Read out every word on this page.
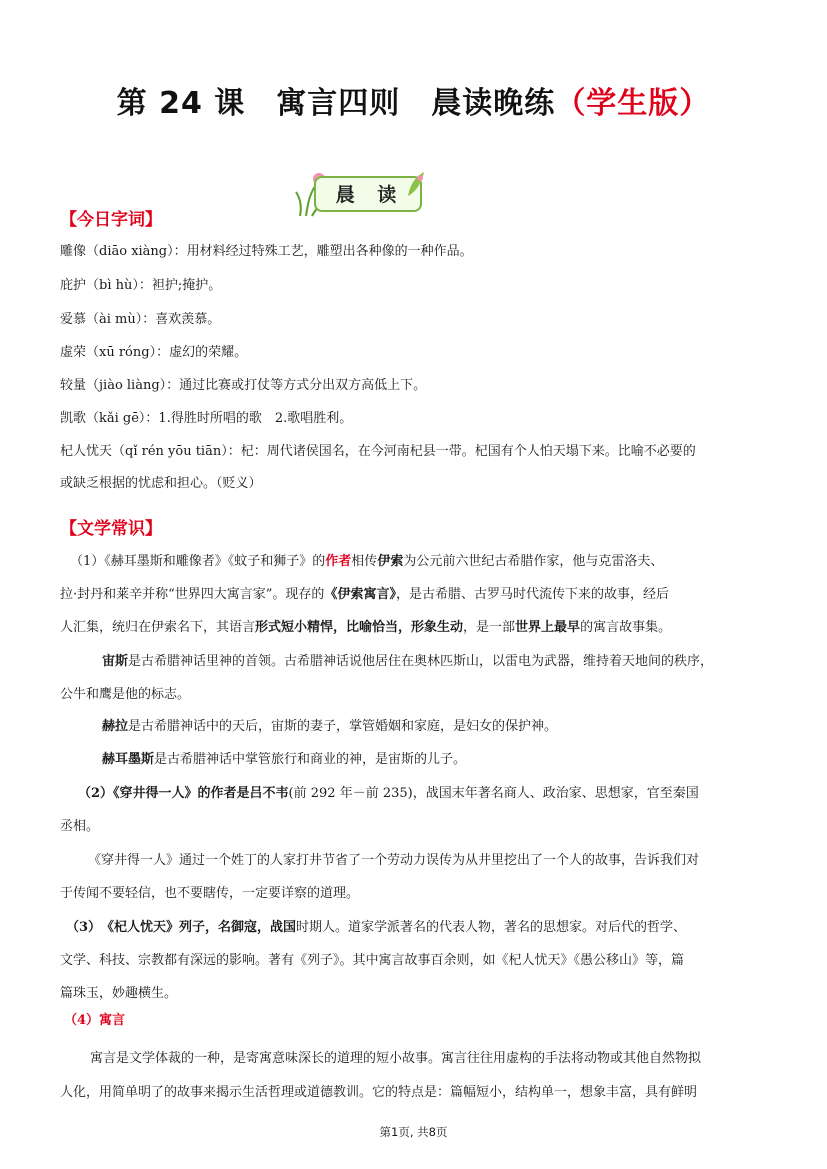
第 24 课　寓言四则　晨读晚练（学生版）
晨 读
【今日字词】
雕像（diāo xiàng）：用材料经过特殊工艺，雕塑出各种像的一种作品。
庇护（bì hù）：袒护;掩护。
爱慕（ài mù）：喜欢羡慕。
虚荣（xū róng）：虚幻的荣耀。
较量（jiào liàng）：通过比赛或打仗等方式分出双方高低上下。
凯歌（kǎi gē）：1.得胜时所唱的歌　2.歌唱胜利。
杞人忧天（qǐ rén yōu tiān）：杞：周代诸侯国名，在今河南杞县一带。杞国有个人怕天塌下来。比喻不必要的
或缺乏根据的忧虑和担心。（贬义）
【文学常识】
（1）《赫耳墨斯和雕像者》《蚊子和狮子》的作者相传伊索为公元前六世纪古希腊作家，他与克雷洛夫、
拉·封丹和莱辛并称“世界四大寓言家”。现存的《伊索寓言》，是古希腊、古罗马时代流传下来的故事，经后
人汇集，统归在伊索名下，其语言形式短小精悍，比喻恰当，形象生动，是一部世界上最早的寓言故事集。
宙斯是古希腊神话里神的首领。古希腊神话说他居住在奥林匹斯山，以雷电为武器，维持着天地间的秩序，
公牛和鹰是他的标志。
赫拉是古希腊神话中的天后，宙斯的妻子，掌管婚姻和家庭，是妇女的保护神。
赫耳墨斯是古希腊神话中掌管旅行和商业的神，是宙斯的儿子。
（2）《穿井得一人》的作者是吕不韦(前 292 年－前 235)，战国末年著名商人、政治家、思想家，官至秦国
丞相。
《穿井得一人》通过一个姓丁的人家打井节省了一个劳动力误传为从井里挖出了一个人的故事，告诉我们对
于传闻不要轻信，也不要瞎传，一定要详察的道理。
（3）　《杞人忧天》列子，名御寇，战国时期人。道家学派著名的代表人物，著名的思想家。对后代的哲学、
文学、科技、宗教都有深远的影响。著有《列子》。其中寓言故事百余则，如《杞人忧天》《愚公移山》等，篇
篇珠玉，妙趣横生。
（4）寓言
寓言是文学体裁的一种，是寄寓意味深长的道理的短小故事。寓言往往用虚构的手法将动物或其他自然物拟
人化，用简单明了的故事来揭示生活哲理或道德教训。它的特点是：篇幅短小，结构单一，想象丰富，具有鲜明
第1页, 共8页
